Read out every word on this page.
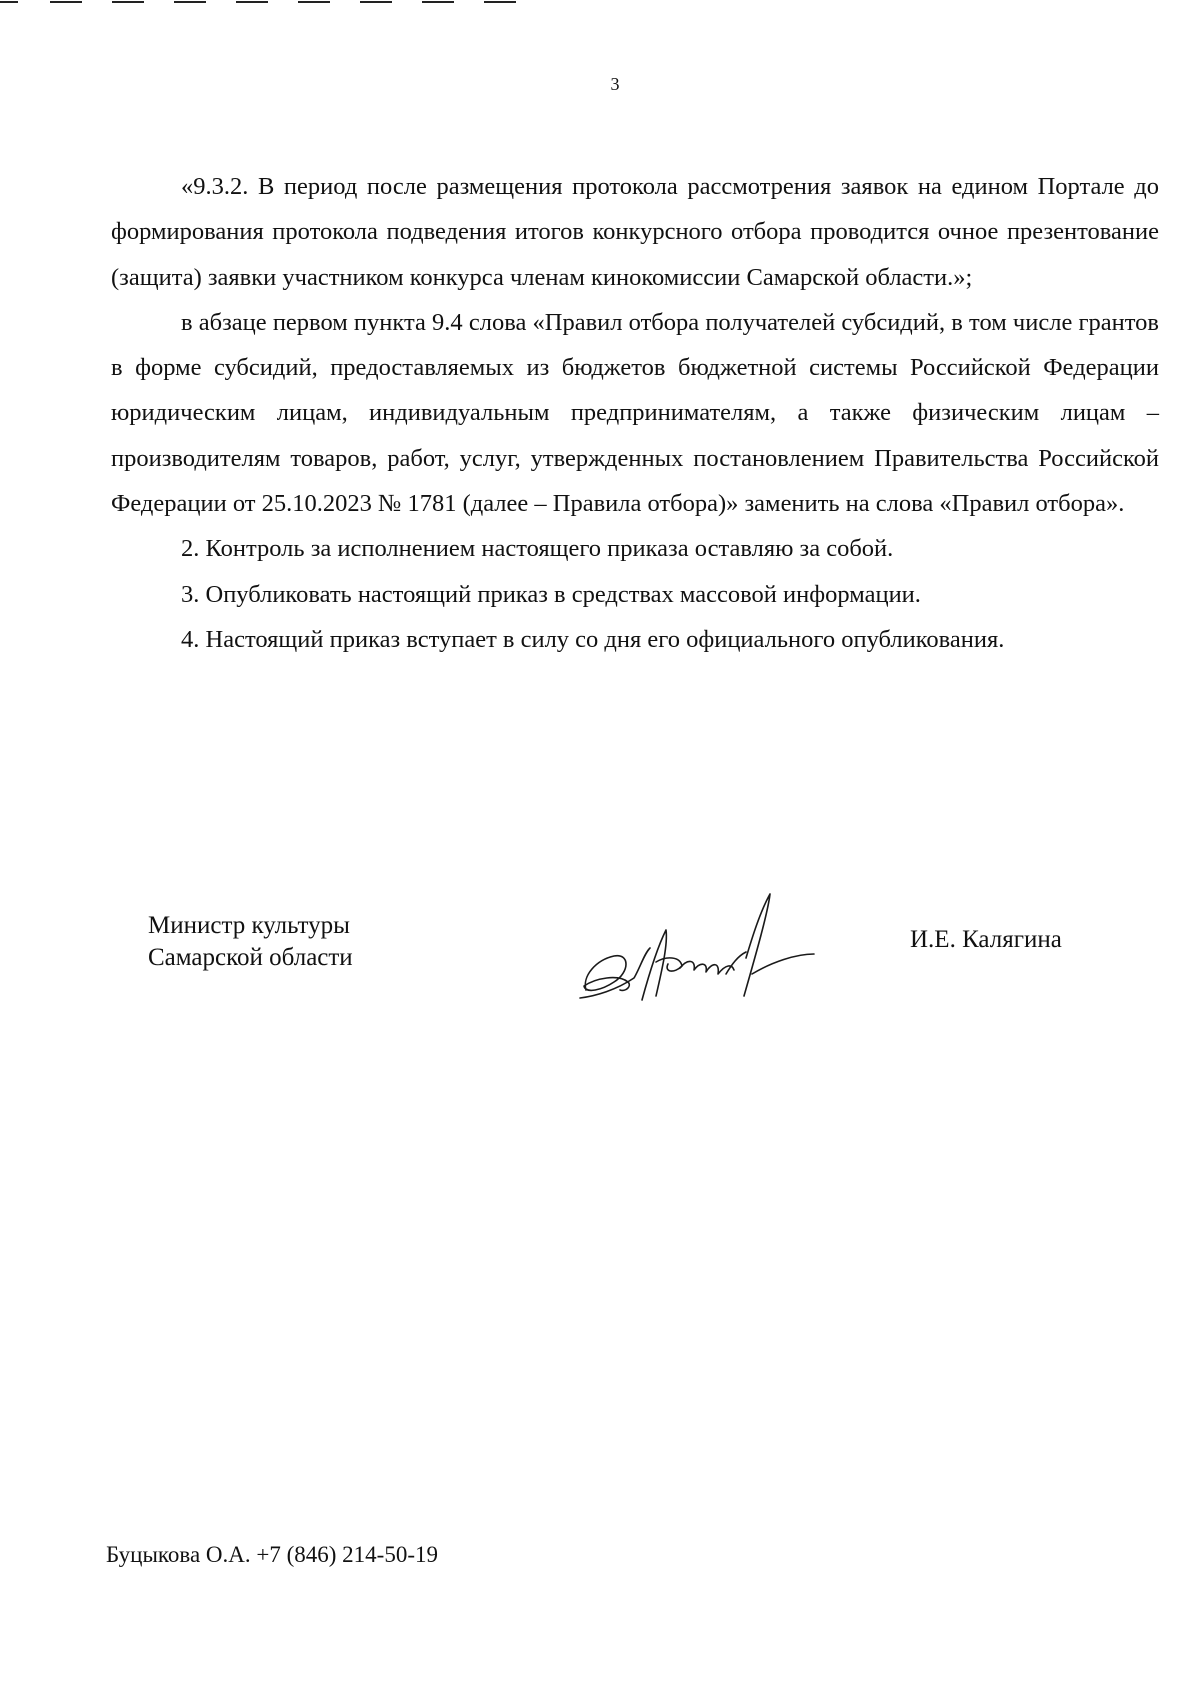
3

«9.3.2. В период после размещения протокола рассмотрения заявок на едином Портале до формирования протокола подведения итогов конкурсного отбора проводится очное презентование (защита) заявки участником конкурса членам кинокомиссии Самарской области.»;

в абзаце первом пункта 9.4 слова «Правил отбора получателей субсидий, в том числе грантов в форме субсидий, предоставляемых из бюджетов бюджетной системы Российской Федерации юридическим лицам, индивидуальным предпринимателям, а также физическим лицам – производителям товаров, работ, услуг, утвержденных постановлением Правительства Российской Федерации от 25.10.2023 № 1781 (далее – Правила отбора)» заменить на слова «Правил отбора».

2. Контроль за исполнением настоящего приказа оставляю за собой.

3. Опубликовать настоящий приказ в средствах массовой информации.

4. Настоящий приказ вступает в силу со дня его официального опубликования.

Министр культуры
Самарской области
И.Е. Калягина
Буцыкова О.А. +7 (846) 214-50-19
